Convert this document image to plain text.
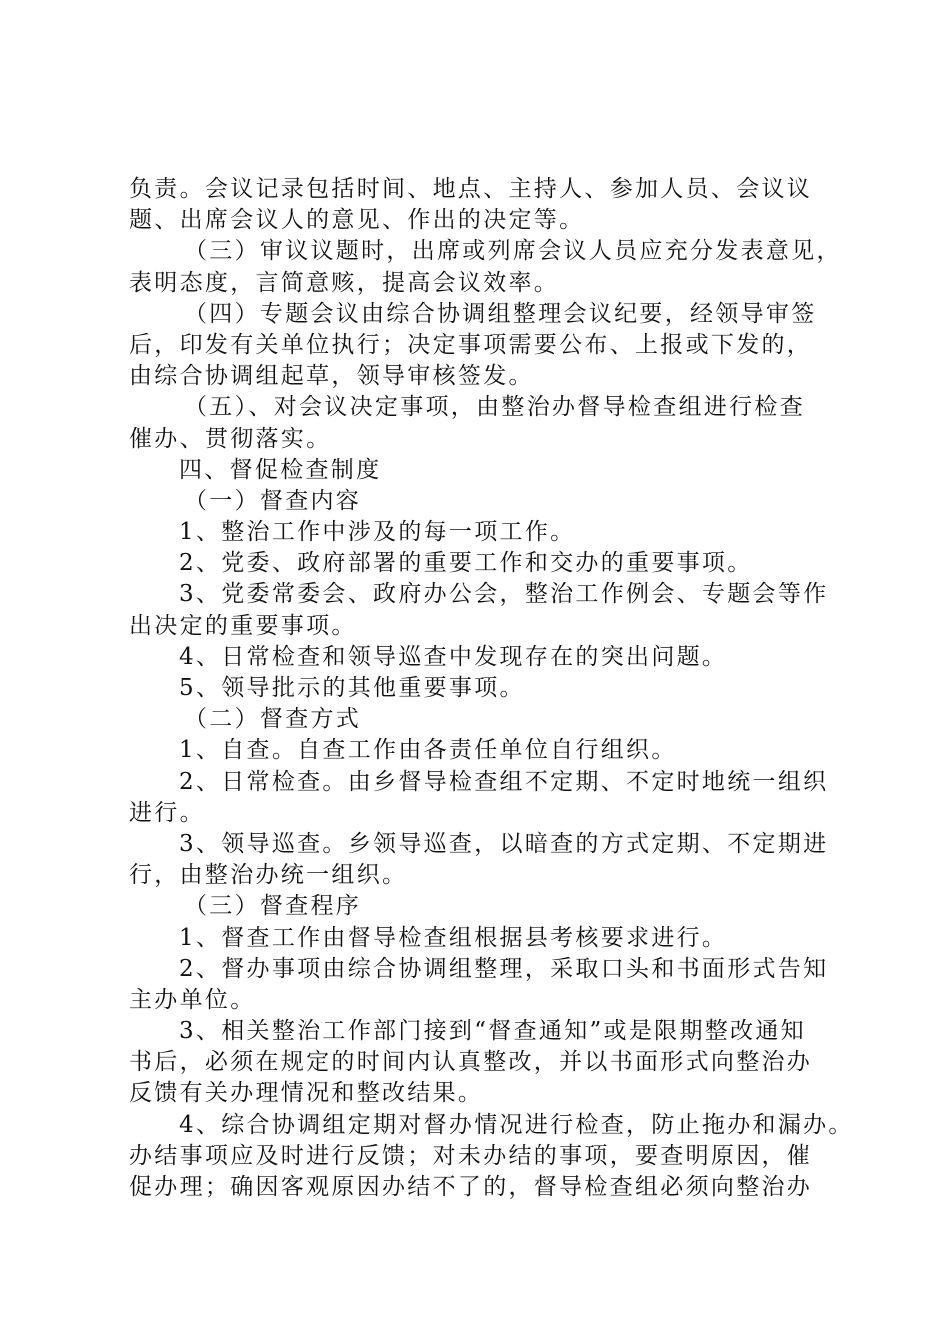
负责。会议记录包括时间、地点、主持人、参加人员、会议议
题、出席会议人的意见、作出的决定等。
（三）审议议题时，出席或列席会议人员应充分发表意见，
表明态度，言简意赅，提高会议效率。
（四）专题会议由综合协调组整理会议纪要，经领导审签
后，印发有关单位执行；决定事项需要公布、上报或下发的，
由综合协调组起草，领导审核签发。
（五）、对会议决定事项，由整治办督导检查组进行检查
催办、贯彻落实。
四、督促检查制度
（一）督查内容
1、整治工作中涉及的每一项工作。
2、党委、政府部署的重要工作和交办的重要事项。
3、党委常委会、政府办公会，整治工作例会、专题会等作
出决定的重要事项。
4、日常检查和领导巡查中发现存在的突出问题。
5、领导批示的其他重要事项。
（二）督查方式
1、自查。自查工作由各责任单位自行组织。
2、日常检查。由乡督导检查组不定期、不定时地统一组织
进行。
3、领导巡查。乡领导巡查，以暗查的方式定期、不定期进
行，由整治办统一组织。
（三）督查程序
1、督查工作由督导检查组根据县考核要求进行。
2、督办事项由综合协调组整理，采取口头和书面形式告知
主办单位。
3、相关整治工作部门接到“督查通知”或是限期整改通知
书后，必须在规定的时间内认真整改，并以书面形式向整治办
反馈有关办理情况和整改结果。
4、综合协调组定期对督办情况进行检查，防止拖办和漏办。
办结事项应及时进行反馈；对未办结的事项，要查明原因，催
促办理；确因客观原因办结不了的，督导检查组必须向整治办
